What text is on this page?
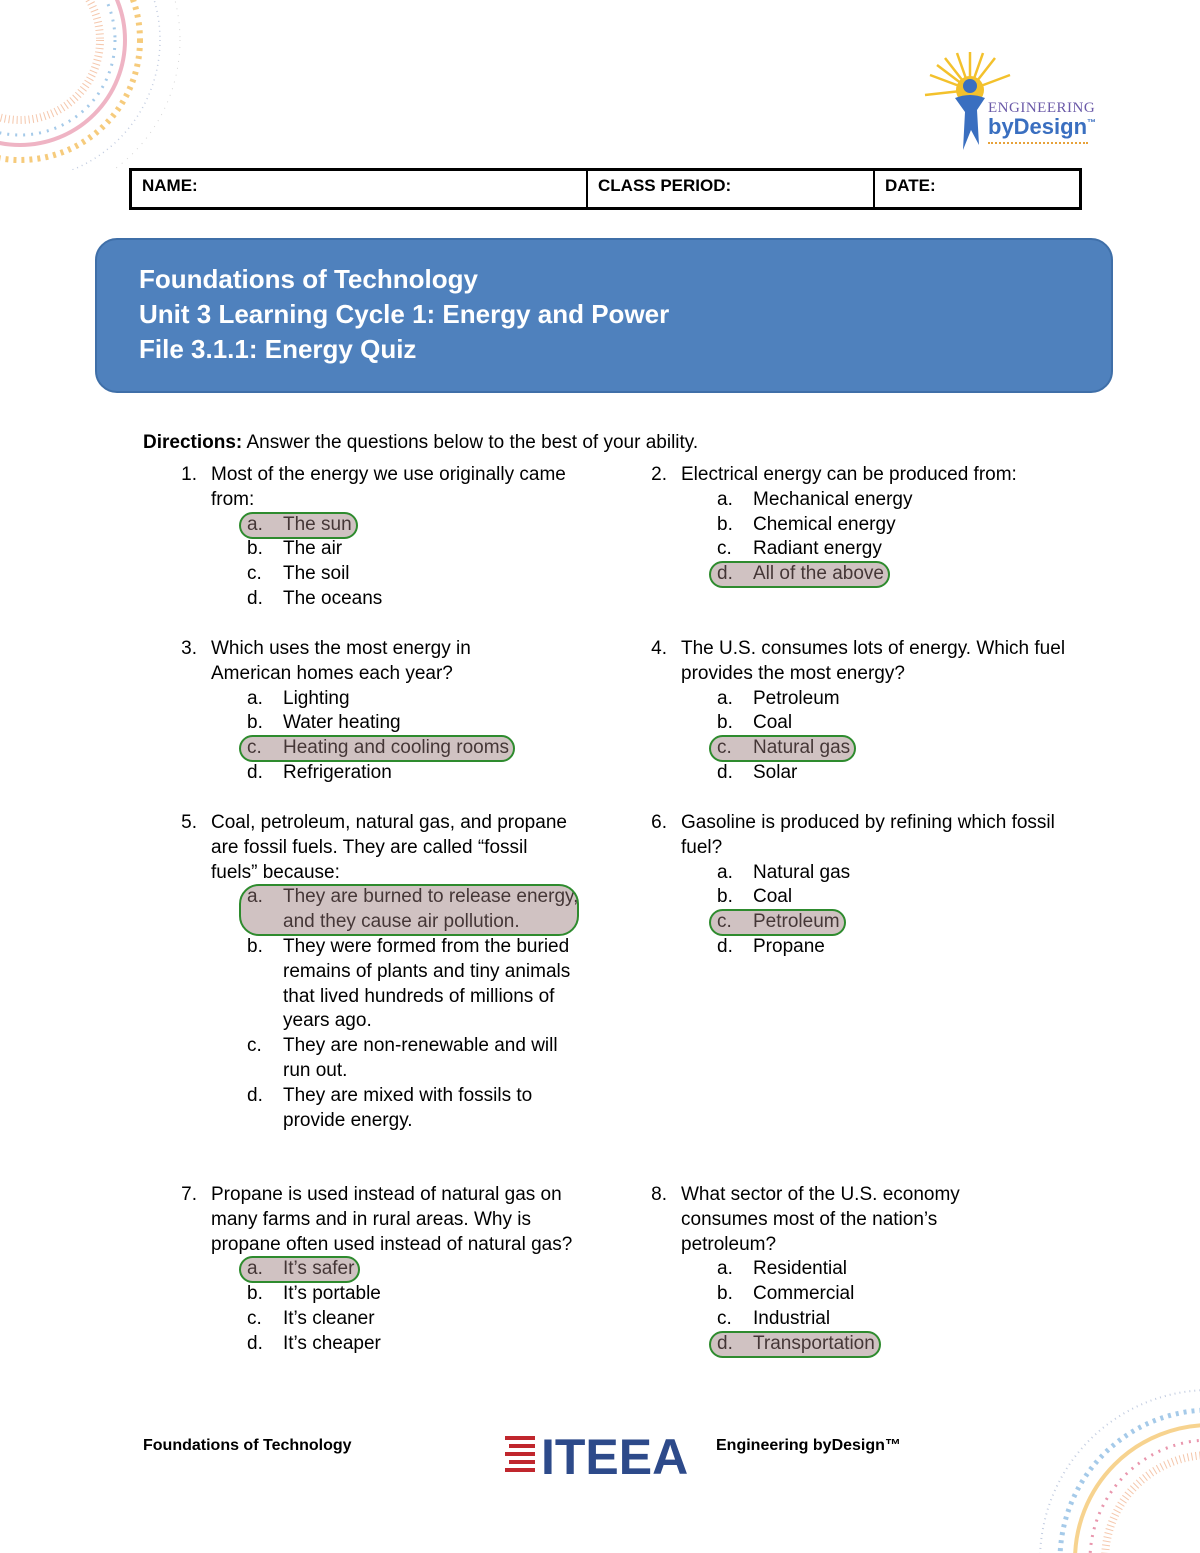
ENGINEERING
byDesign™
NAME:	CLASS PERIOD:	DATE:
Foundations of Technology
Unit 3 Learning Cycle 1: Energy and Power
File 3.1.1: Energy Quiz
Directions: Answer the questions below to the best of your ability.
1. Most of the energy we use originally came from:
a.	The sun
b.	The air
c.	The soil
d.	The oceans
2. Electrical energy can be produced from:
a.	Mechanical energy
b.	Chemical energy
c.	Radiant energy
d.	All of the above
3. Which uses the most energy in American homes each year?
a.	Lighting
b.	Water heating
c.	Heating and cooling rooms
d.	Refrigeration
4. The U.S. consumes lots of energy. Which fuel provides the most energy?
a.	Petroleum
b.	Coal
c.	Natural gas
d.	Solar
5. Coal, petroleum, natural gas, and propane are fossil fuels. They are called “fossil fuels” because:
a.	They are burned to release energy, and they cause air pollution.
b.	They were formed from the buried remains of plants and tiny animals that lived hundreds of millions of years ago.
c.	They are non-renewable and will run out.
d.	They are mixed with fossils to provide energy.
6. Gasoline is produced by refining which fossil fuel?
a.	Natural gas
b.	Coal
c.	Petroleum
d.	Propane
7. Propane is used instead of natural gas on many farms and in rural areas. Why is propane often used instead of natural gas?
a.	It’s safer
b.	It’s portable
c.	It’s cleaner
d.	It’s cheaper
8. What sector of the U.S. economy consumes most of the nation’s petroleum?
a.	Residential
b.	Commercial
c.	Industrial
d.	Transportation
Foundations of Technology	ITEEA Engineering byDesign™
